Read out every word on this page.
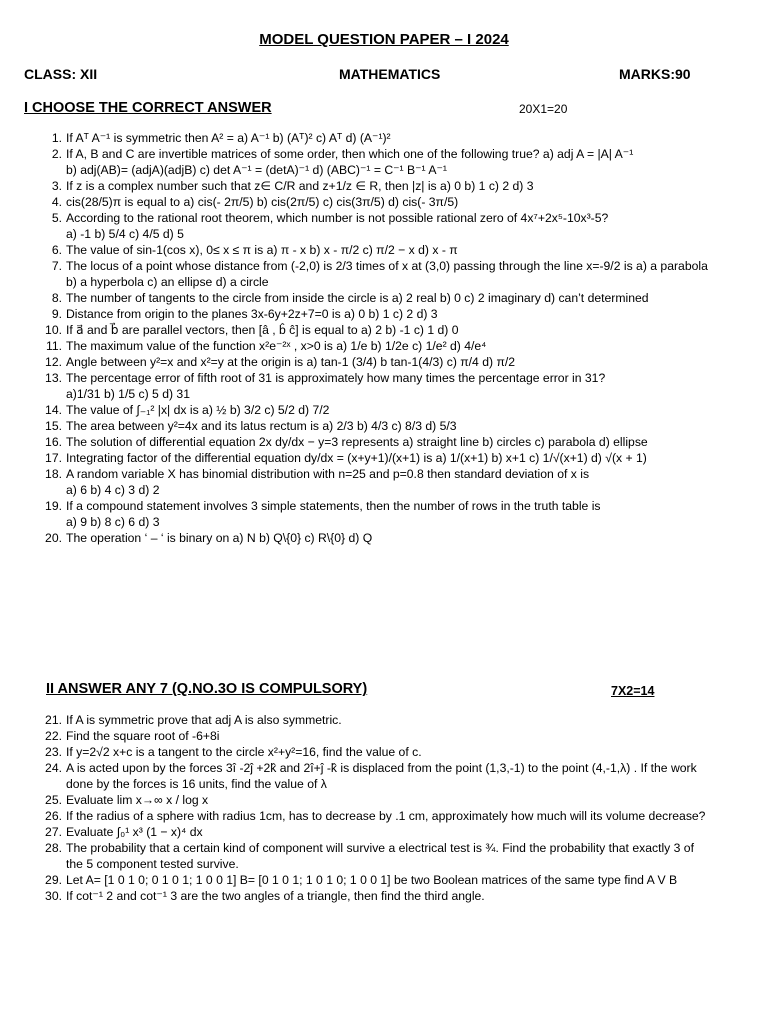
MODEL QUESTION PAPER – I 2024
CLASS: XII	MATHEMATICS	MARKS:90
I CHOOSE THE CORRECT ANSWER	20X1=20
1. If Aᵀ A⁻¹ is symmetric then A² = a) A⁻¹ b) (Aᵀ)² c) Aᵀ d) (A⁻¹)²
2. If A, B and C are invertible matrices of some order, then which one of the following true? a) adj A = |A| A⁻¹
b) adj(AB)= (adjA)(adjB) c) det A⁻¹ = (detA)⁻¹ d) (ABC)⁻¹ = C⁻¹ B⁻¹ A⁻¹
3. If z is a complex number such that z∈ C/R and z+1/z ∈ R, then |z| is a) 0 b) 1 c) 2 d) 3
4. cis(28/5)π is equal to a) cis(- 2π/5) b) cis(2π/5) c) cis(3π/5) d) cis(- 3π/5)
5. According to the rational root theorem, which number is not possible rational zero of 4x⁷+2x⁵-10x³-5?
a) -1 b) 5/4 c) 4/5 d) 5
6. The value of sin-1(cos x), 0≤ x ≤ π is a) π - x b) x - π/2 c) π/2 − x d) x - π
7. The locus of a point whose distance from (-2,0) is 2/3 times of x at (3,0) passing through the line x=-9/2 is a) a parabola
b) a hyperbola c) an ellipse d) a circle
8. The number of tangents to the circle from inside the circle is a) 2 real b) 0 c) 2 imaginary d) can’t determined
9. Distance from origin to the planes 3x-6y+2z+7=0 is a) 0 b) 1 c) 2 d) 3
10. If a⃗ and b⃗ are parallel vectors, then [â , b̂ ĉ] is equal to a) 2 b) -1 c) 1 d) 0
11. The maximum value of the function x²e⁻²ˣ , x>0 is a) 1/e b) 1/2e c) 1/e² d) 4/e⁴
12. Angle between y²=x and x²=y at the origin is a) tan-1 (3/4) b tan-1(4/3) c) π/4 d) π/2
13. The percentage error of fifth root of 31 is approximately how many times the percentage error in 31?
a)1/31 b) 1/5 c) 5 d) 31
14. The value of ∫₋₁² |x| dx is a) ½ b) 3/2 c) 5/2 d) 7/2
15. The area between y²=4x and its latus rectum is a) 2/3 b) 4/3 c) 8/3 d) 5/3
16. The solution of differential equation 2x dy/dx − y=3 represents a) straight line b) circles c) parabola d) ellipse
17. Integrating factor of the differential equation dy/dx = (x+y+1)/(x+1) is a) 1/(x+1) b) x+1 c) 1/√(x+1) d) √(x + 1)
18. A random variable X has binomial distribution with n=25 and p=0.8 then standard deviation of x is
a) 6 b) 4 c) 3 d) 2
19. If a compound statement involves 3 simple statements, then the number of rows in the truth table is
a) 9 b) 8 c) 6 d) 3
20. The operation ‘ – ‘ is binary on a) N b) Q\{0} c) R\{0} d) Q
II ANSWER ANY 7 (Q.NO.3O IS COMPULSORY)	7X2=14
21. If A is symmetric prove that adj A is also symmetric.
22. Find the square root of -6+8i
23. If y=2√2 x+c is a tangent to the circle x²+y²=16, find the value of c.
24. A is acted upon by the forces 3î -2ĵ +2k̂ and 2î+ĵ -k̂ is displaced from the point (1,3,-1) to the point (4,-1,λ) . If the work
done by the forces is 16 units, find the value of λ
25. Evaluate lim x→∞ x / log x
26. If the radius of a sphere with radius 1cm, has to decrease by .1 cm, approximately how much will its volume decrease?
27. Evaluate ∫₀¹ x³ (1 − x)⁴ dx
28. The probability that a certain kind of component will survive a electrical test is ¾. Find the probability that exactly 3 of
the 5 component tested survive.
29. Let A= [1 0 1 0; 0 1 0 1; 1 0 0 1] B= [0 1 0 1; 1 0 1 0; 1 0 0 1] be two Boolean matrices of the same type find A V B
30. If cot⁻¹ 2 and cot⁻¹ 3 are the two angles of a triangle, then find the third angle.
